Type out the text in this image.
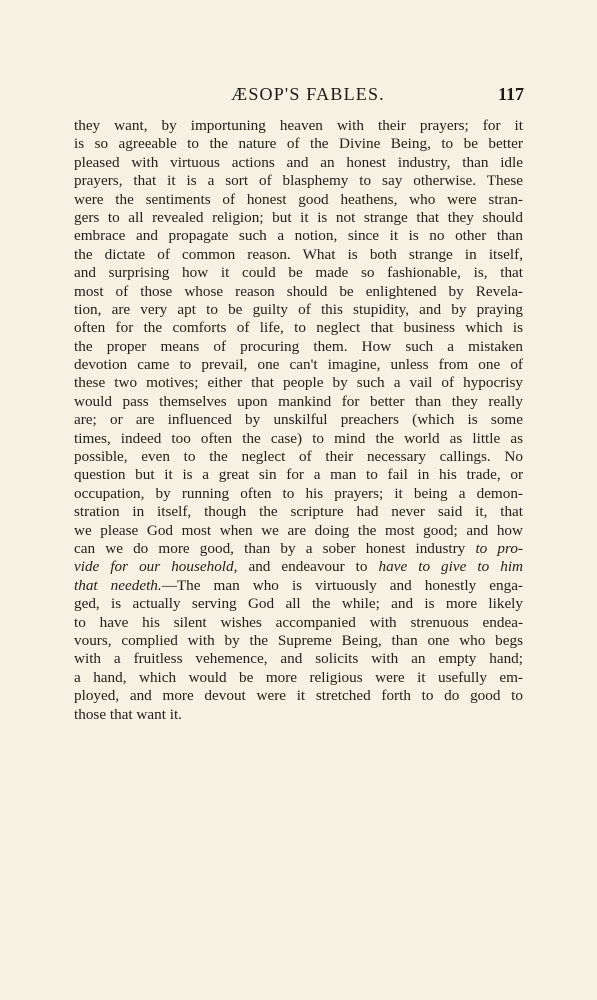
ÆSOP'S FABLES.	117
they want, by importuning heaven with their prayers; for it
is so agreeable to the nature of the Divine Being, to be better
pleased with virtuous actions and an honest industry, than idle
prayers, that it is a sort of blasphemy to say otherwise. These
were the sentiments of honest good heathens, who were stran-
gers to all revealed religion; but it is not strange that they should
embrace and propagate such a notion, since it is no other than
the dictate of common reason. What is both strange in itself,
and surprising how it could be made so fashionable, is, that
most of those whose reason should be enlightened by Revela-
tion, are very apt to be guilty of this stupidity, and by praying
often for the comforts of life, to neglect that business which is
the proper means of procuring them. How such a mistaken
devotion came to prevail, one can't imagine, unless from one of
these two motives; either that people by such a vail of hypocrisy
would pass themselves upon mankind for better than they really
are; or are influenced by unskilful preachers (which is some
times, indeed too often the case) to mind the world as little as
possible, even to the neglect of their necessary callings. No
question but it is a great sin for a man to fail in his trade, or
occupation, by running often to his prayers; it being a demon-
stration in itself, though the scripture had never said it, that
we please God most when we are doing the most good; and how
can we do more good, than by a sober honest industry to pro-
vide for our household, and endeavour to have to give to him
that needeth.—The man who is virtuously and honestly enga-
ged, is actually serving God all the while; and is more likely
to have his silent wishes accompanied with strenuous endea-
vours, complied with by the Supreme Being, than one who begs
with a fruitless vehemence, and solicits with an empty hand;
a hand, which would be more religious were it usefully em-
ployed, and more devout were it stretched forth to do good to
those that want it.
